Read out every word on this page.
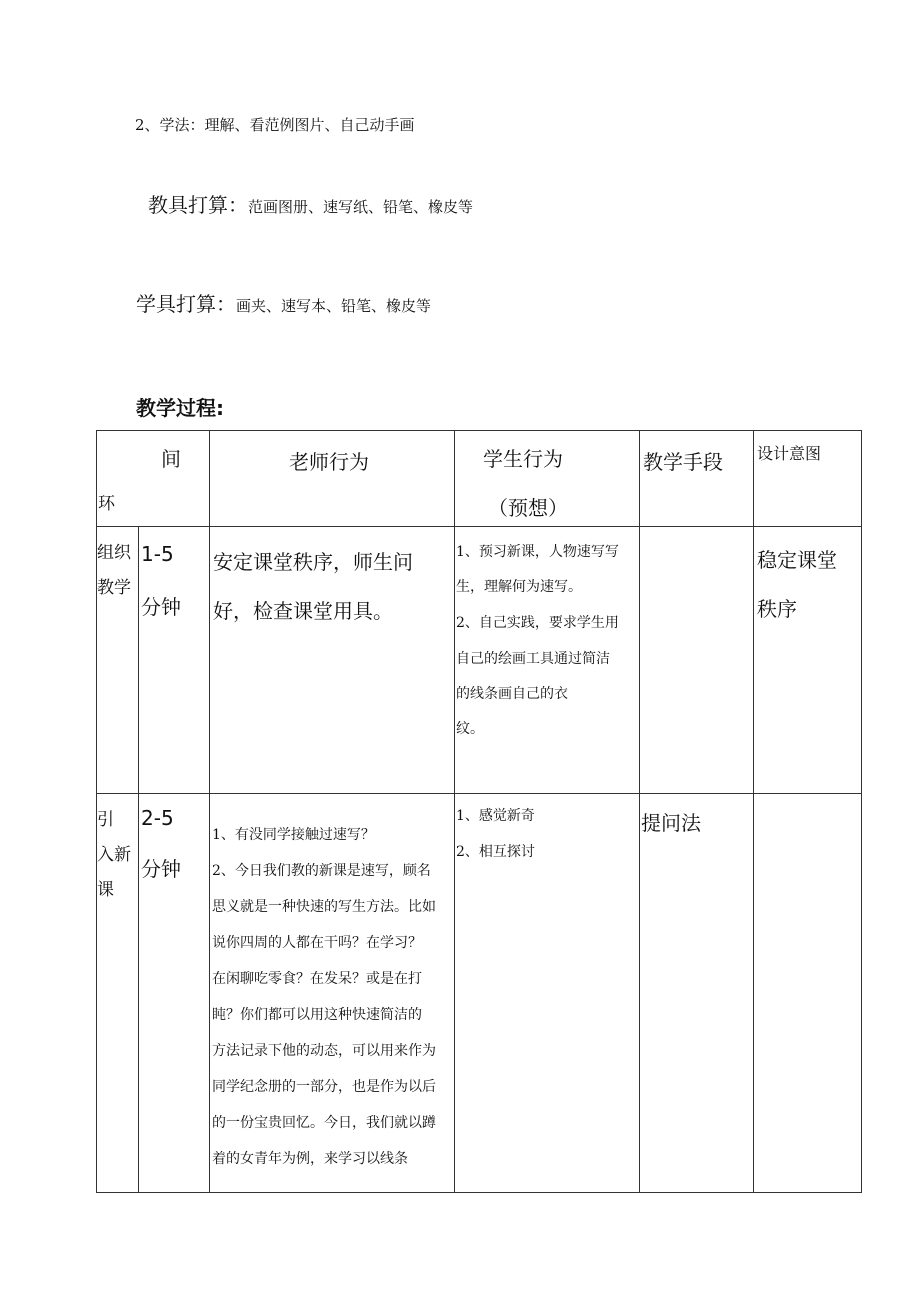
2、学法：理解、看范例图片、自己动手画
教具打算：范画图册、速写纸、铅笔、橡皮等
学具打算：画夹、速写本、铅笔、橡皮等
教学过程:
间
环
老师行为	学生行为
（预想）
教学手段 设计意图
组织
教学
1-5
分钟
安定课堂秩序，师生问
好，检查课堂用具。
1、预习新课，人物速写写
生，理解何为速写。
2、自己实践，要求学生用
自己的绘画工具通过简洁
的线条画自己的衣
纹。
稳定课堂
秩序
引
入新
课
2-5
分钟
1、有没同学接触过速写？
2、今日我们教的新课是速写，顾名
思义就是一种快速的写生方法。比如
说你四周的人都在干吗？在学习？
在闲聊吃零食？在发呆？或是在打
盹？你们都可以用这种快速简洁的
方法记录下他的动态，可以用来作为
同学纪念册的一部分，也是作为以后
的一份宝贵回忆。今日，我们就以蹲
着的女青年为例，来学习以线条
1、感觉新奇
2、相互探讨
提问法
